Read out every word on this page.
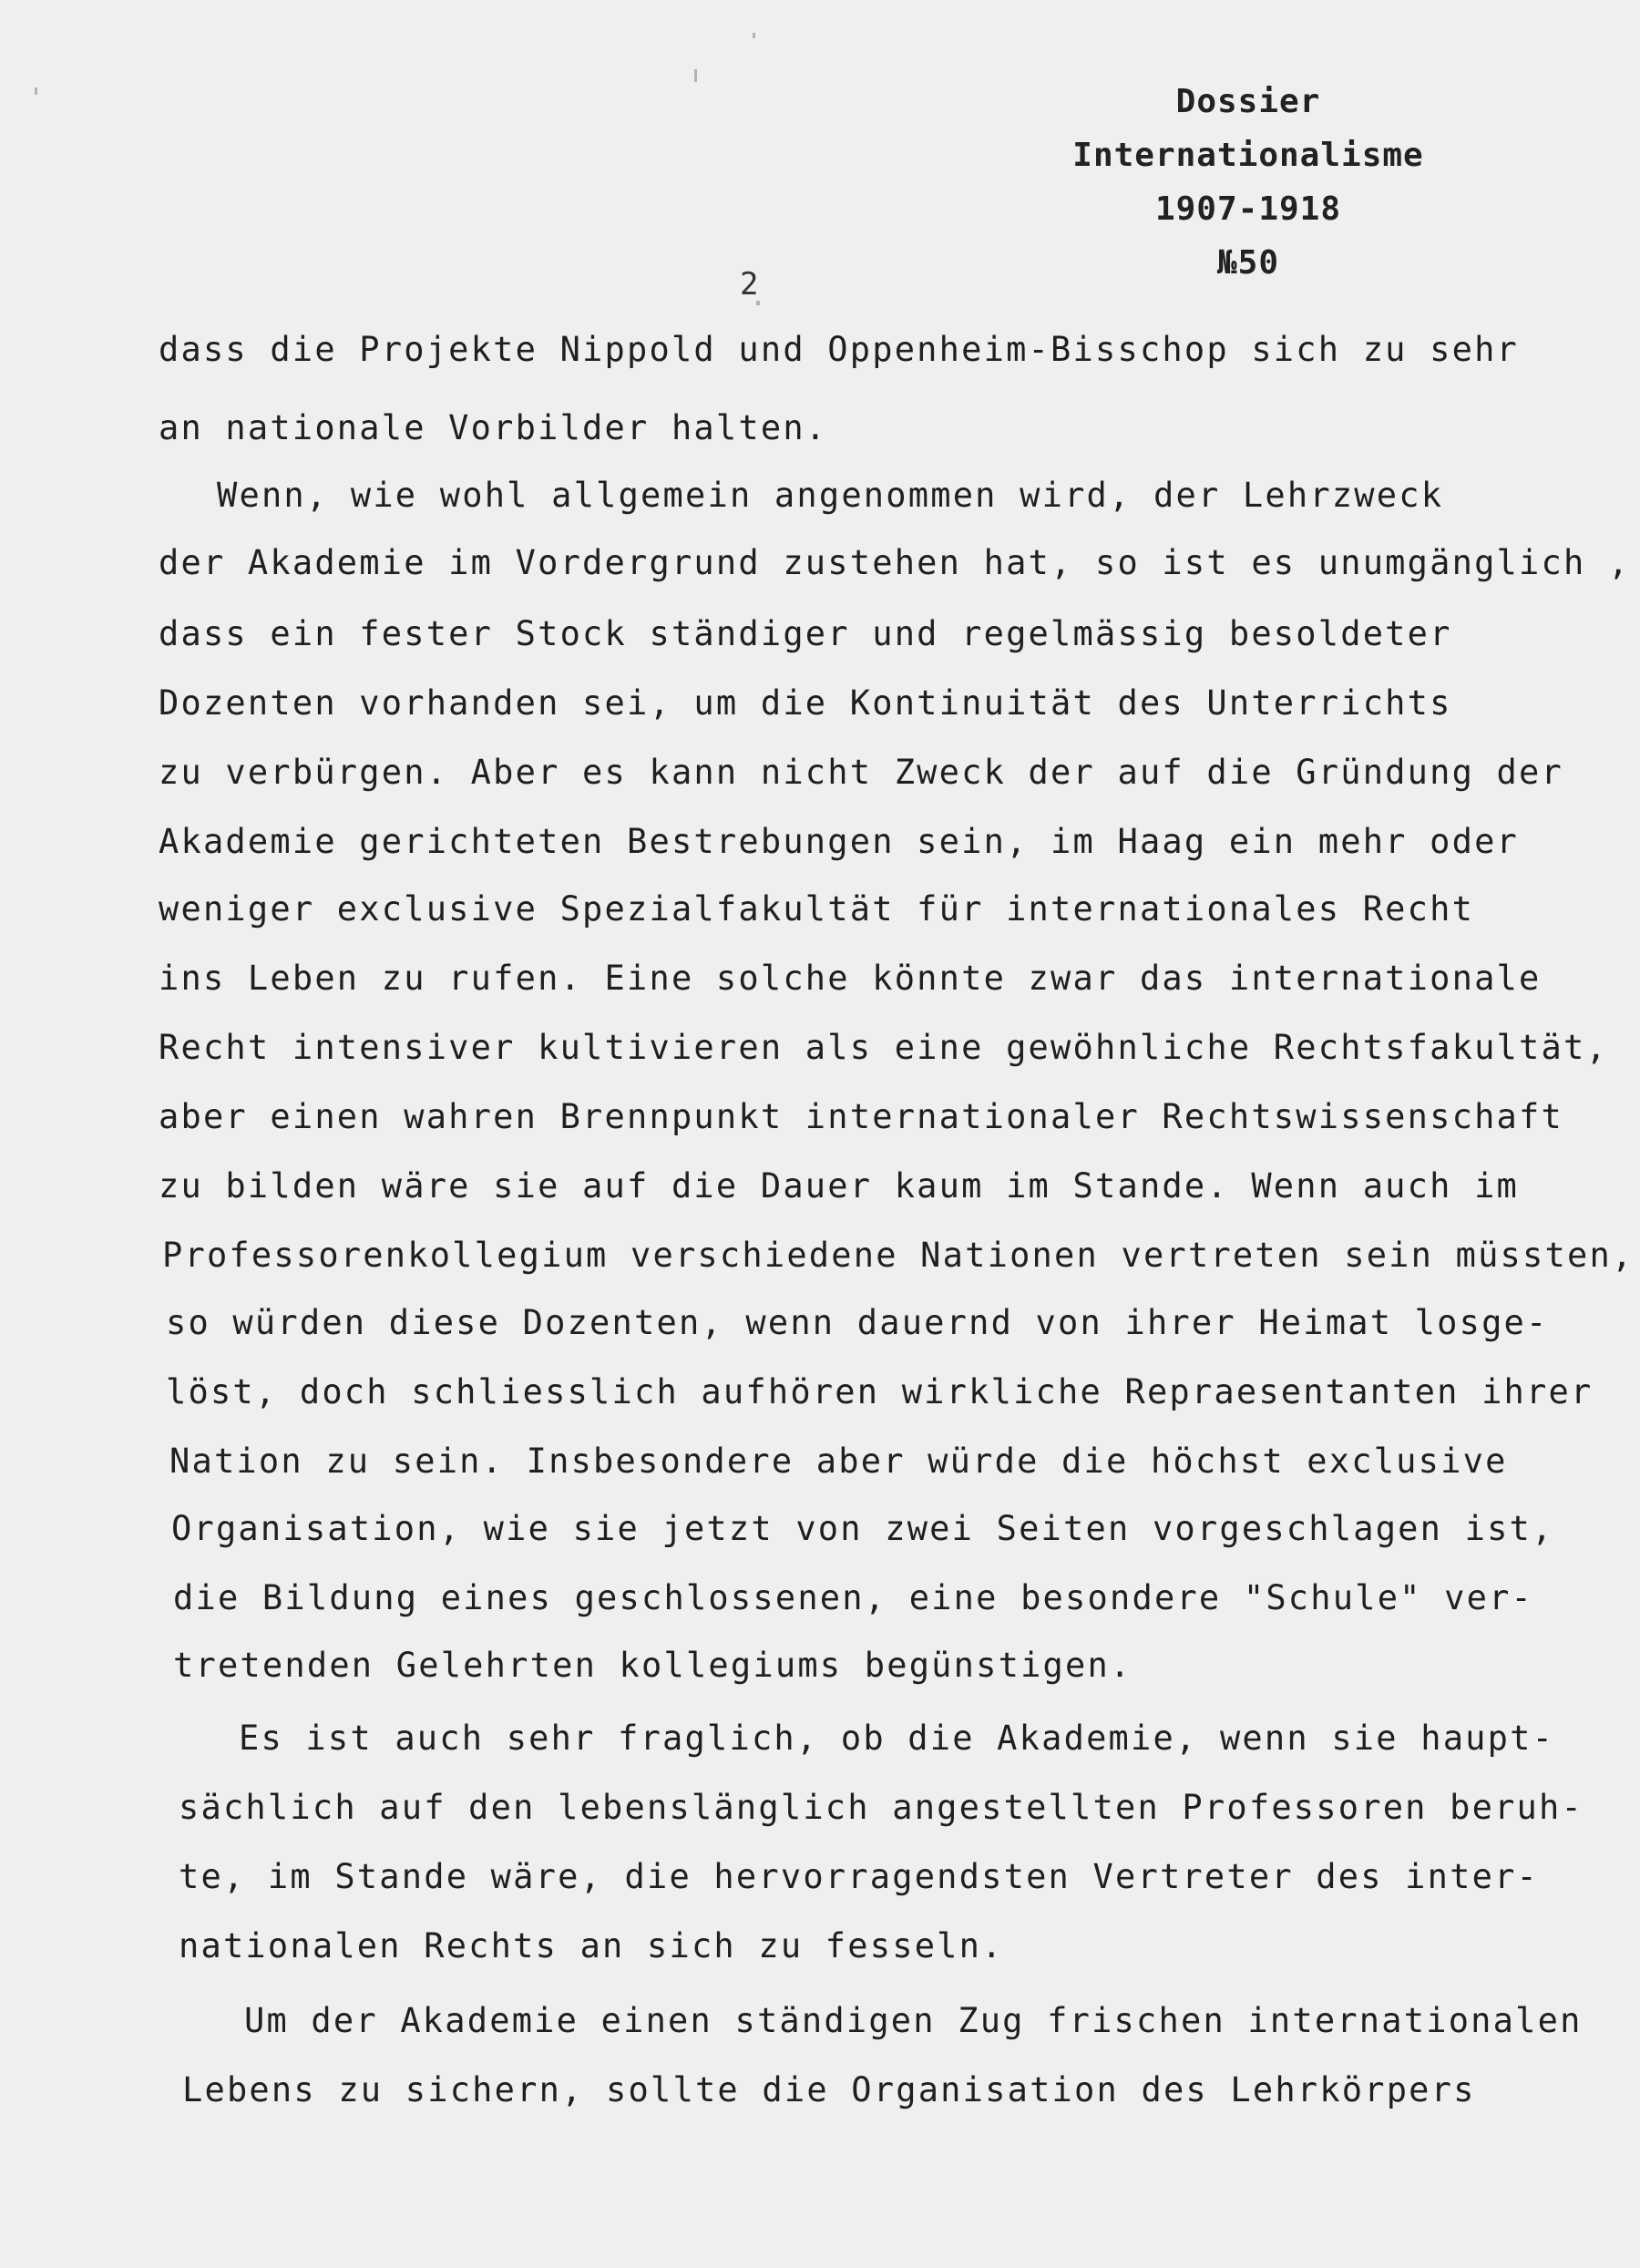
Dossier
Internationalisme
1907-1918
№50
2
dass die Projekte Nippold und Oppenheim-Bisschop sich zu sehr
an nationale Vorbilder halten.
Wenn, wie wohl allgemein angenommen wird, der Lehrzweck
der Akademie im Vordergrund zustehen hat, so ist es unumgänglich ,
dass ein fester Stock ständiger und regelmässig besoldeter
Dozenten vorhanden sei, um die Kontinuität des Unterrichts
zu verbürgen. Aber es kann nicht Zweck der auf die Gründung der
Akademie gerichteten Bestrebungen sein, im Haag ein mehr oder
weniger exclusive Spezialfakultät für internationales Recht
ins Leben zu rufen. Eine solche könnte zwar das internationale
Recht intensiver kultivieren als eine gewöhnliche Rechtsfakultät,
aber einen wahren Brennpunkt internationaler Rechtswissenschaft
zu bilden wäre sie auf die Dauer kaum im Stande. Wenn auch im
Professorenkollegium verschiedene Nationen vertreten sein müssten,
so würden diese Dozenten, wenn dauernd von ihrer Heimat losge-
löst, doch schliesslich aufhören wirkliche Repraesentanten ihrer
Nation zu sein. Insbesondere aber würde die höchst exclusive
Organisation, wie sie jetzt von zwei Seiten vorgeschlagen ist,
die Bildung eines geschlossenen, eine besondere "Schule" ver-
tretenden Gelehrten kollegiums begünstigen.
Es ist auch sehr fraglich, ob die Akademie, wenn sie haupt-
sächlich auf den lebenslänglich angestellten Professoren beruh-
te, im Stande wäre, die hervorragendsten Vertreter des inter-
nationalen Rechts an sich zu fesseln.
Um der Akademie einen ständigen Zug frischen internationalen
Lebens zu sichern, sollte die Organisation des Lehrkörpers
